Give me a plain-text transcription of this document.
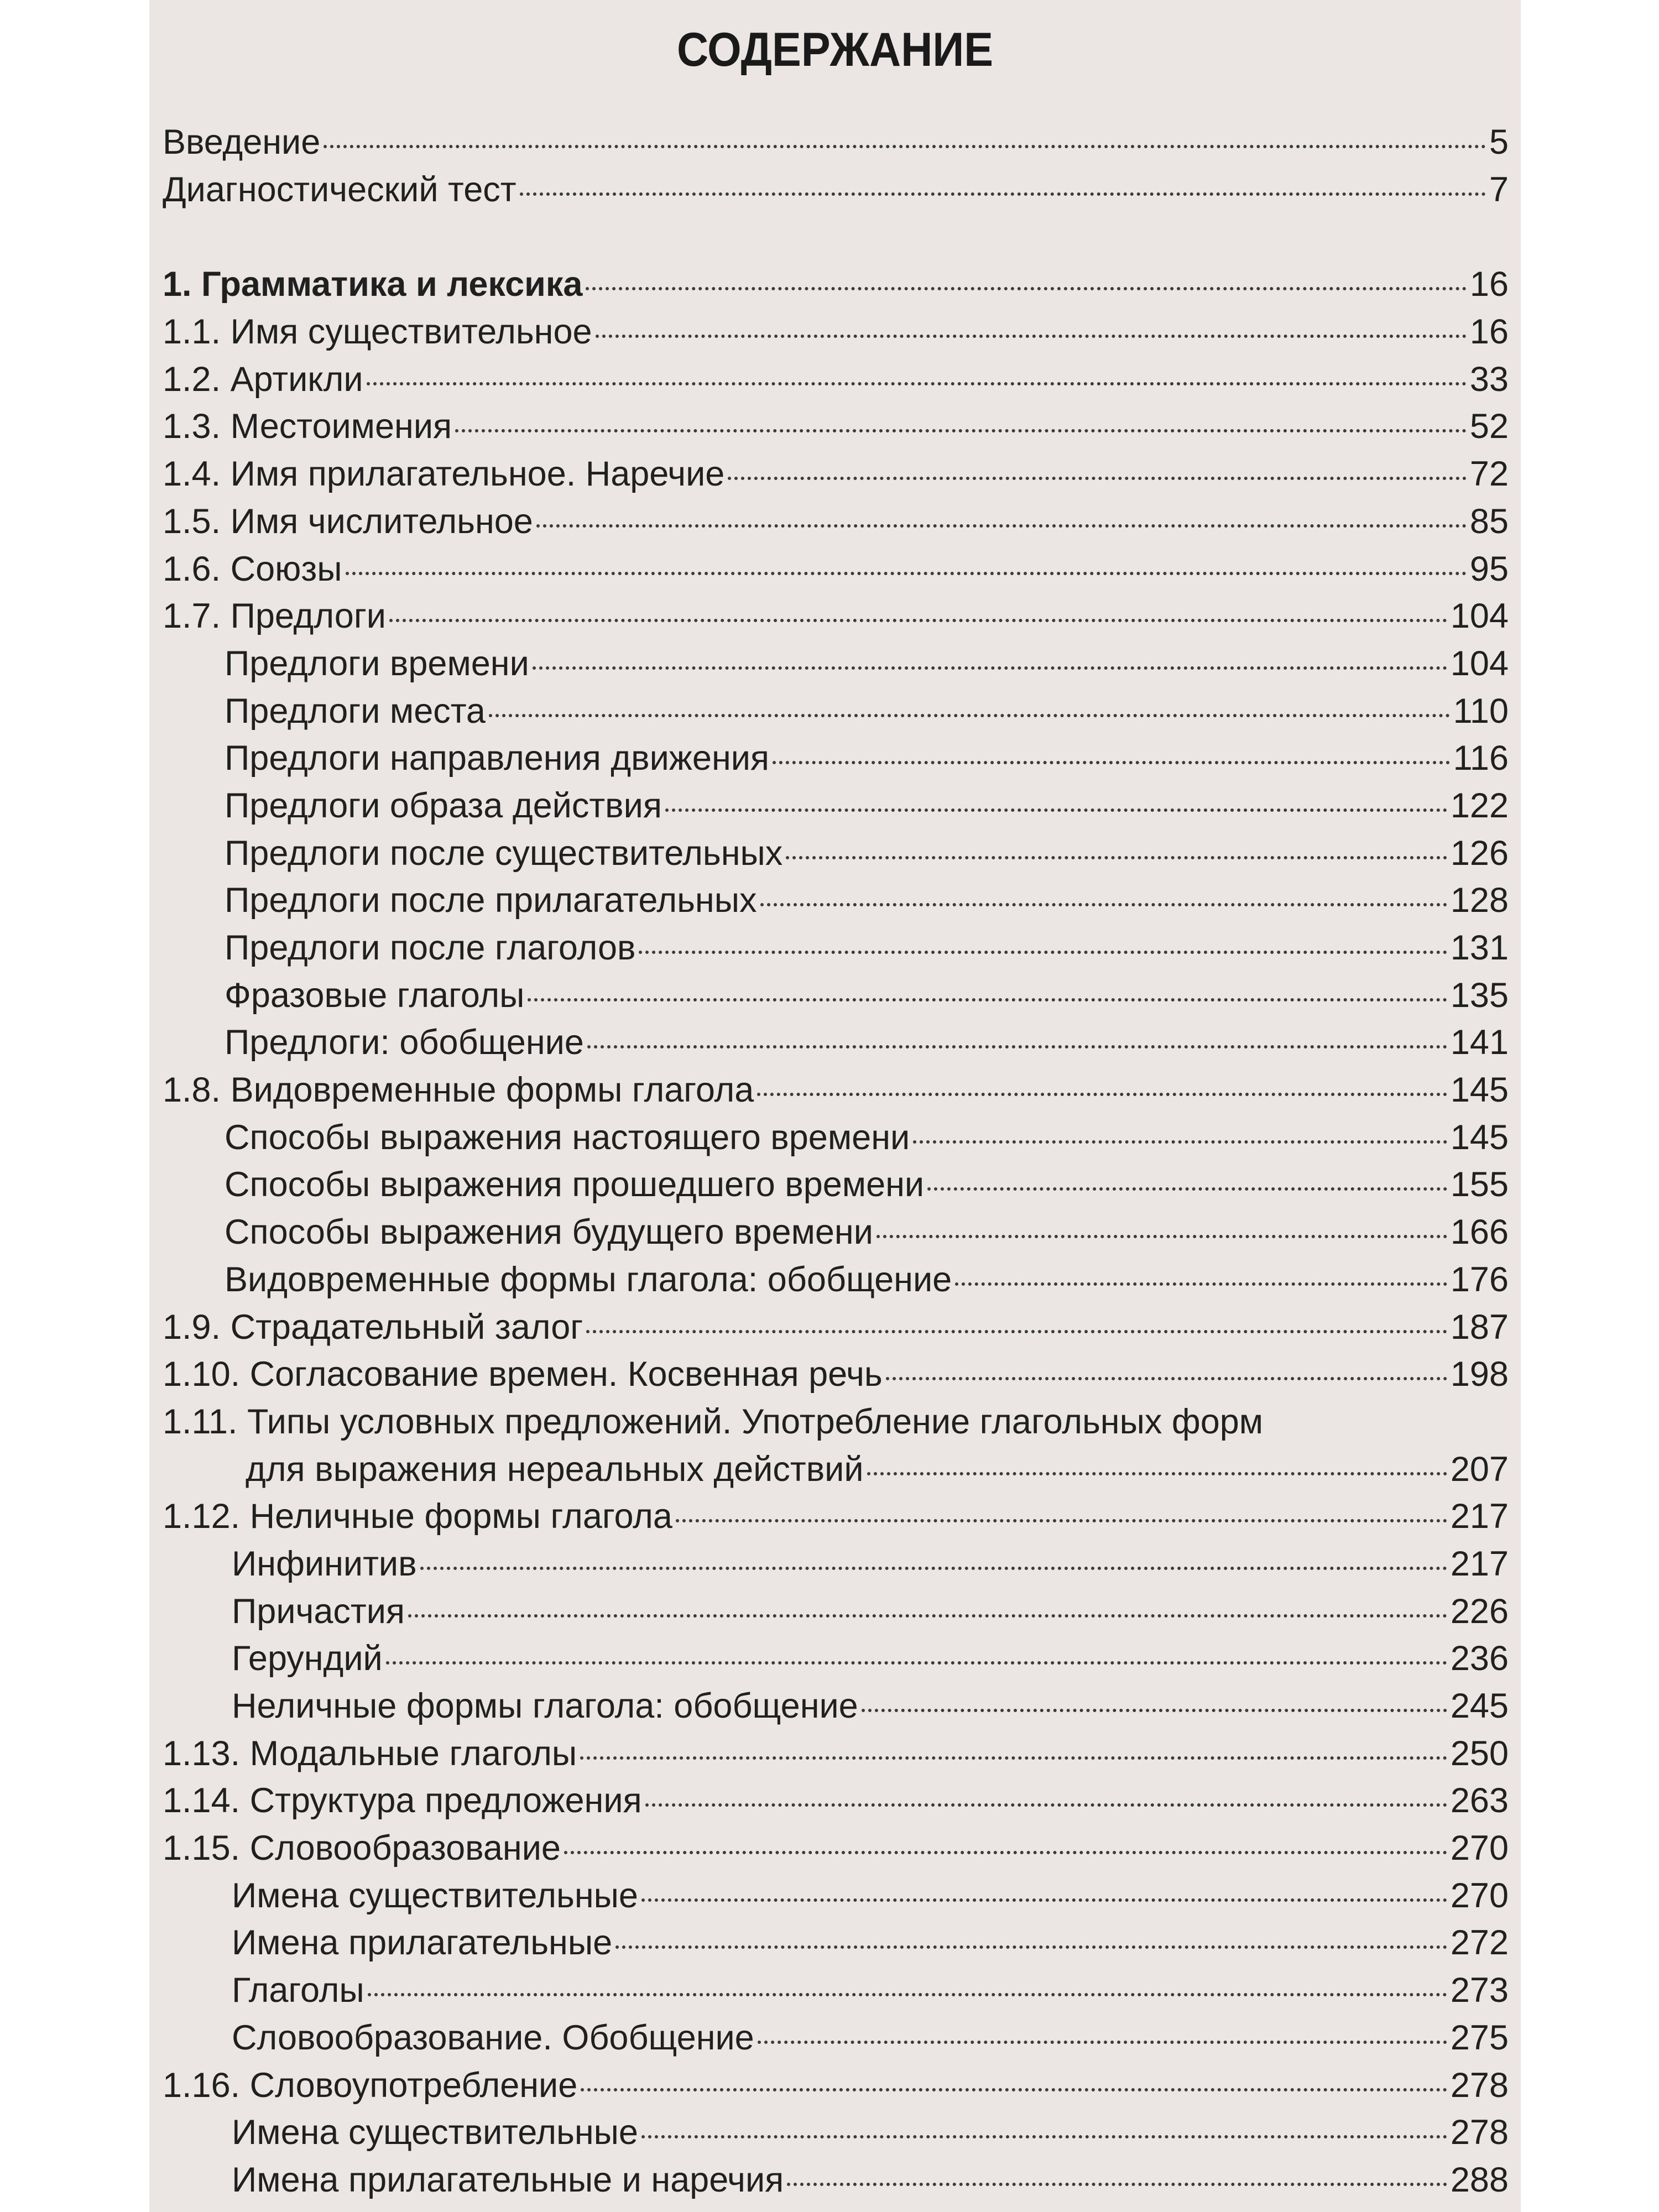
СОДЕРЖАНИЕ
Введение	5
Диагностический тест	7
1. Грамматика и лексика	16
1.1. Имя существительное	16
1.2. Артикли	33
1.3. Местоимения	52
1.4. Имя прилагательное. Наречие	72
1.5. Имя числительное	85
1.6. Союзы	95
1.7. Предлоги	104
Предлоги времени	104
Предлоги места	110
Предлоги направления движения	116
Предлоги образа действия	122
Предлоги после существительных	126
Предлоги после прилагательных	128
Предлоги после глаголов	131
Фразовые глаголы	135
Предлоги: обобщение	141
1.8. Видовременные формы глагола	145
Способы выражения настоящего времени	145
Способы выражения прошедшего времени	155
Способы выражения будущего времени	166
Видовременные формы глагола: обобщение	176
1.9. Страдательный залог	187
1.10. Согласование времен. Косвенная речь	198
1.11. Типы условных предложений. Употребление глагольных форм
для выражения нереальных действий	207
1.12. Неличные формы глагола	217
Инфинитив	217
Причастия	226
Герундий	236
Неличные формы глагола: обобщение	245
1.13. Модальные глаголы	250
1.14. Структура предложения	263
1.15. Словообразование	270
Имена существительные	270
Имена прилагательные	272
Глаголы	273
Словообразование. Обобщение	275
1.16. Словоупотребление	278
Имена существительные	278
Имена прилагательные и наречия	288
